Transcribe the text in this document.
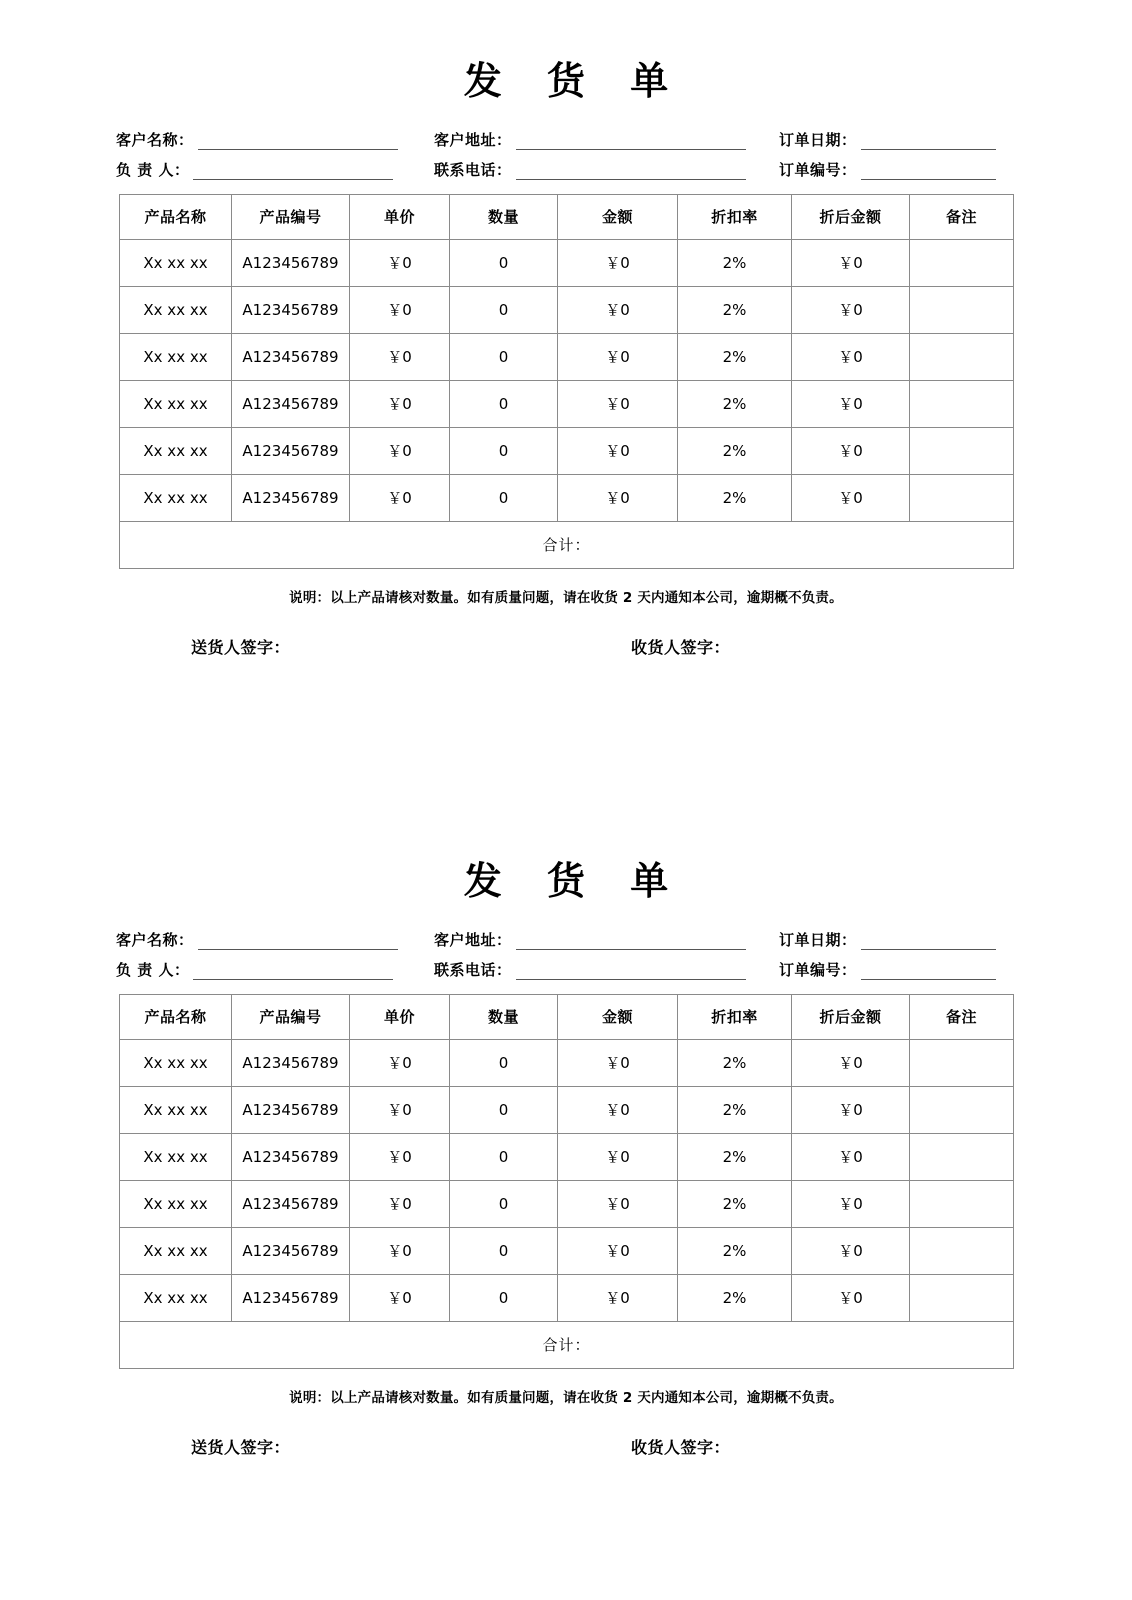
发 货 单
客户名称：	客户地址：	订单日期：
负 责 人：	联系电话：	订单编号：
产品名称	产品编号	单价	数量	金额	折扣率	折后金额	备注
Xx xx xx	A123456789	￥0	0	￥0	2%	￥0	
Xx xx xx	A123456789	￥0	0	￥0	2%	￥0	
Xx xx xx	A123456789	￥0	0	￥0	2%	￥0	
Xx xx xx	A123456789	￥0	0	￥0	2%	￥0	
Xx xx xx	A123456789	￥0	0	￥0	2%	￥0	
Xx xx xx	A123456789	￥0	0	￥0	2%	￥0	
合计：							
说明：以上产品请核对数量。如有质量问题，请在收货 2 天内通知本公司，逾期概不负责。
送货人签字：	收货人签字：
发 货 单
客户名称：	客户地址：	订单日期：
负 责 人：	联系电话：	订单编号：
产品名称	产品编号	单价	数量	金额	折扣率	折后金额	备注
Xx xx xx	A123456789	￥0	0	￥0	2%	￥0	
Xx xx xx	A123456789	￥0	0	￥0	2%	￥0	
Xx xx xx	A123456789	￥0	0	￥0	2%	￥0	
Xx xx xx	A123456789	￥0	0	￥0	2%	￥0	
Xx xx xx	A123456789	￥0	0	￥0	2%	￥0	
Xx xx xx	A123456789	￥0	0	￥0	2%	￥0	
合计：							
说明：以上产品请核对数量。如有质量问题，请在收货 2 天内通知本公司，逾期概不负责。
送货人签字：	收货人签字：
